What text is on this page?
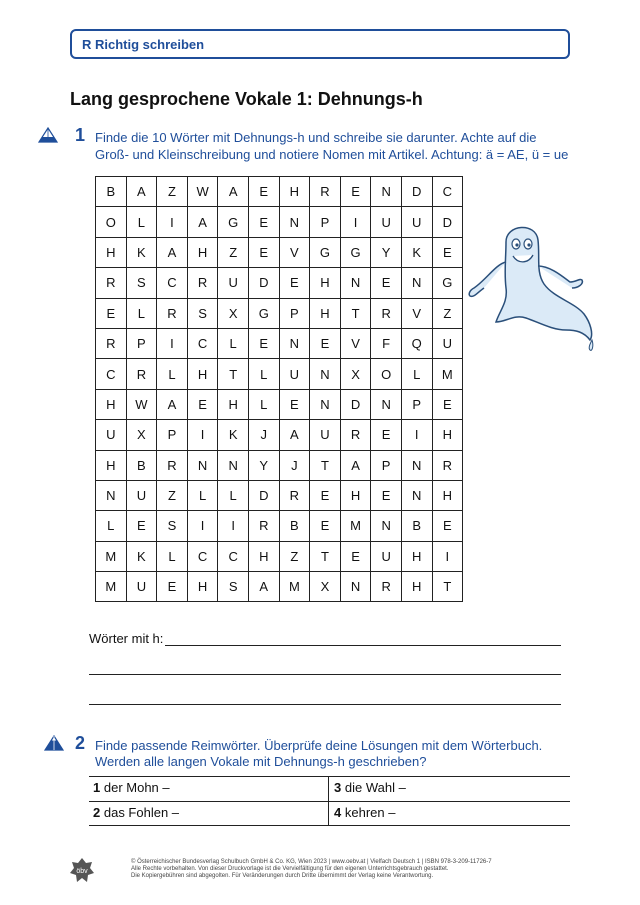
R Richtig schreiben
Lang gesprochene Vokale 1: Dehnungs-h
1 Finde die 10 Wörter mit Dehnungs-h und schreibe sie darunter. Achte auf die
Groß- und Kleinschreibung und notiere Nomen mit Artikel. Achtung: ä = AE, ü = ue
B	A	Z	W	A	E	H	R	E	N	D	C
O	L	I	A	G	E	N	P	I	U	U	D
H	K	A	H	Z	E	V	G	G	Y	K	E
R	S	C	R	U	D	E	H	N	E	N	G
E	L	R	S	X	G	P	H	T	R	V	Z
R	P	I	C	L	E	N	E	V	F	Q	U
C	R	L	H	T	L	U	N	X	O	L	M
H	W	A	E	H	L	E	N	D	N	P	E
U	X	P	I	K	J	A	U	R	E	I	H
H	B	R	N	N	Y	J	T	A	P	N	R
N	U	Z	L	L	D	R	E	H	E	N	H
L	E	S	I	I	R	B	E	M	N	B	E
M	K	L	C	C	H	Z	T	E	U	H	I
M	U	E	H	S	A	M	X	N	R	H	T
Wörter mit h:
2 Finde passende Reimwörter. Überprüfe deine Lösungen mit dem Wörterbuch.
Werden alle langen Vokale mit Dehnungs-h geschrieben?
1 der Mohn –	3 die Wahl –
2 das Fohlen –	4 kehren –
öbv
© Österreichischer Bundesverlag Schulbuch GmbH & Co. KG, Wien 2023 | www.oebv.at | Vielfach Deutsch 1 | ISBN 978-3-209-11726-7
Alle Rechte vorbehalten. Von dieser Druckvorlage ist die Vervielfältigung für den eigenen Unterrichtsgebrauch gestattet.
Die Kopiergebühren sind abgegolten. Für Veränderungen durch Dritte übernimmt der Verlag keine Verantwortung.
